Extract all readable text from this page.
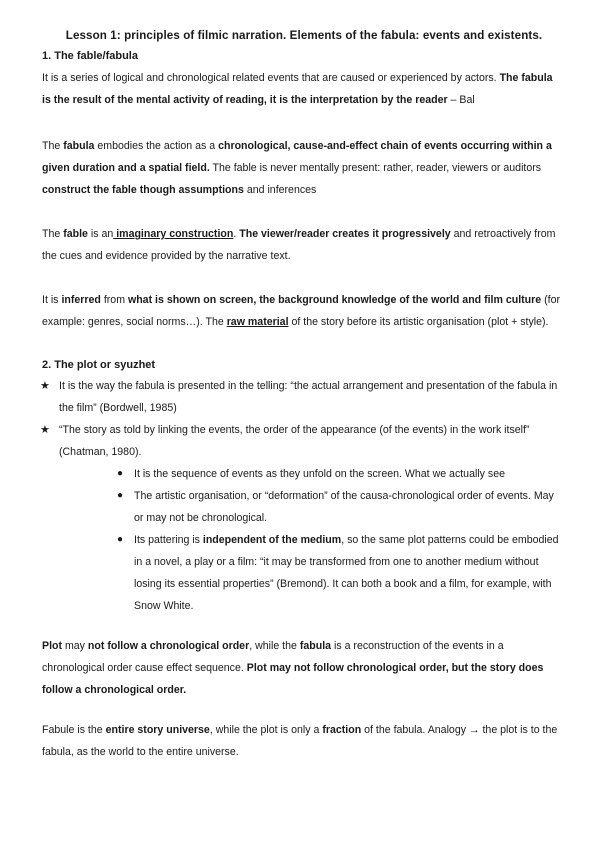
Lesson 1: principles of filmic narration. Elements of the fabula: events and existents.
1. The fable/fabula

It is a series of logical and chronological related events that are caused or experienced by actors. The fabula is the result of the mental activity of reading, it is the interpretation by the reader – Bal

The fabula embodies the action as a chronological, cause-and-effect chain of events occurring within a given duration and a spatial field. The fable is never mentally present: rather, reader, viewers or auditors construct the fable though assumptions and inferences

The fable is an imaginary construction. The viewer/reader creates it progressively and retroactively from the cues and evidence provided by the narrative text.

It is inferred from what is shown on screen, the background knowledge of the world and film culture (for example: genres, social norms…). The raw material of the story before its artistic organisation (plot + style).

2. The plot or syuzhet
★ It is the way the fabula is presented in the telling: “the actual arrangement and presentation of the fabula in the film” (Bordwell, 1985)
★ “The story as told by linking the events, the order of the appearance (of the events) in the work itself” (Chatman, 1980).
● It is the sequence of events as they unfold on the screen. What we actually see
● The artistic organisation, or “deformation” of the causa-chronological order of events. May or may not be chronological.
● Its pattering is independent of the medium, so the same plot patterns could be embodied in a novel, a play or a film: “it may be transformed from one to another medium without losing its essential properties” (Bremond). It can both a book and a film, for example, with Snow White.

Plot may not follow a chronological order, while the fabula is a reconstruction of the events in a chronological order cause effect sequence. Plot may not follow chronological order, but the story does follow a chronological order.

Fabule is the entire story universe, while the plot is only a fraction of the fabula. Analogy → the plot is to the fabula, as the world to the entire universe.
